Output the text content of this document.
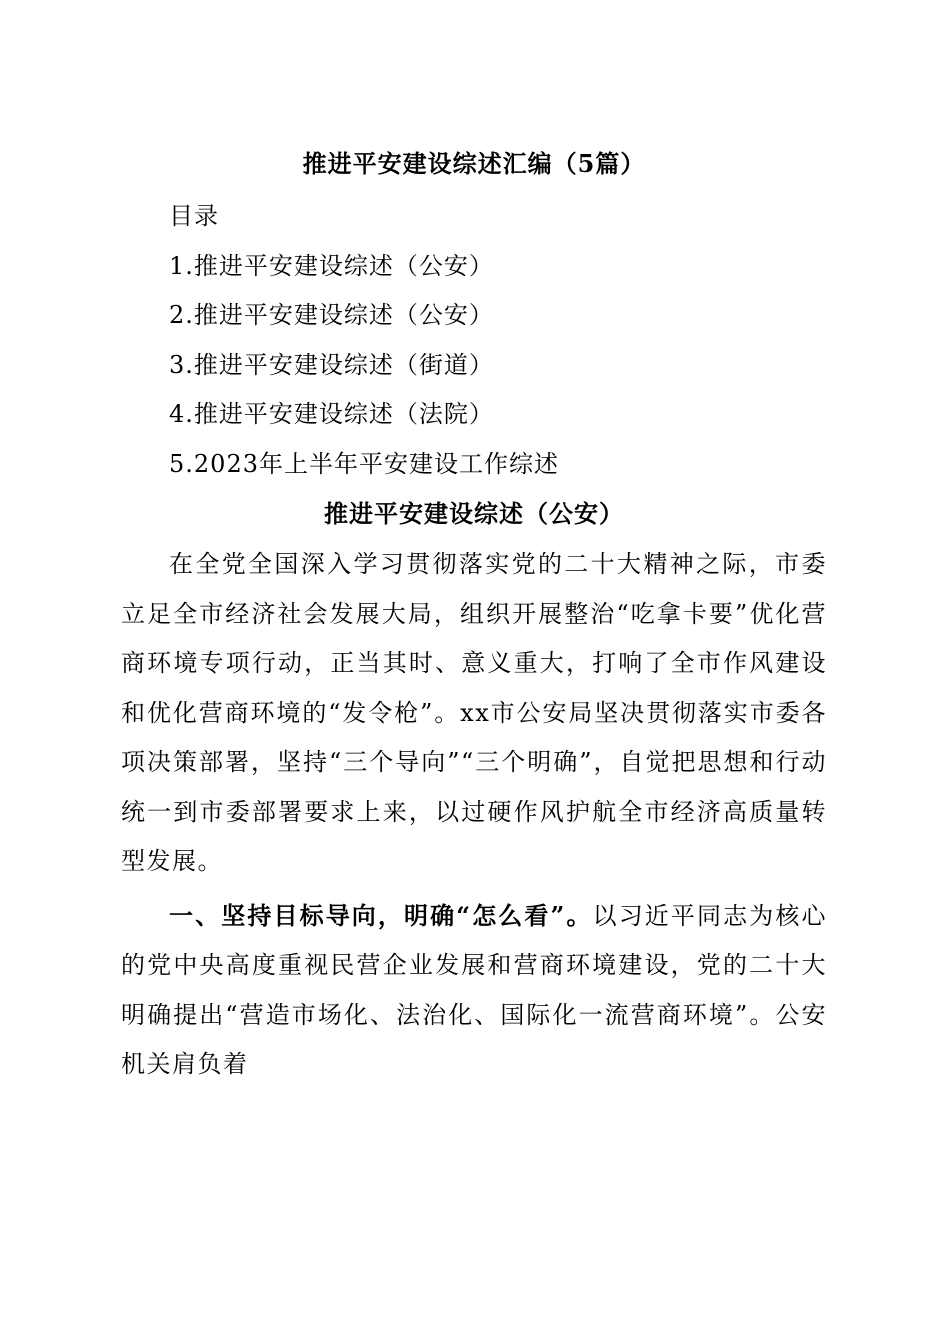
推进平安建设综述汇编（5篇）

目录

1.推进平安建设综述（公安）

2.推进平安建设综述（公安）

3.推进平安建设综述（街道）

4.推进平安建设综述（法院）

5.2023年上半年平安建设工作综述

推进平安建设综述（公安）

在全党全国深入学习贯彻落实党的二十大精神之际，市委立足全市经济社会发展大局，组织开展整治“吃拿卡要”优化营商环境专项行动，正当其时、意义重大，打响了全市作风建设和优化营商环境的“发令枪”。xx市公安局坚决贯彻落实市委各项决策部署，坚持“三个导向”“三个明确”，自觉把思想和行动统一到市委部署要求上来，以过硬作风护航全市经济高质量转型发展。

一、坚持目标导向，明确“怎么看”。以习近平同志为核心的党中央高度重视民营企业发展和营商环境建设，党的二十大明确提出“营造市场化、法治化、国际化一流营商环境”。公安机关肩负着
